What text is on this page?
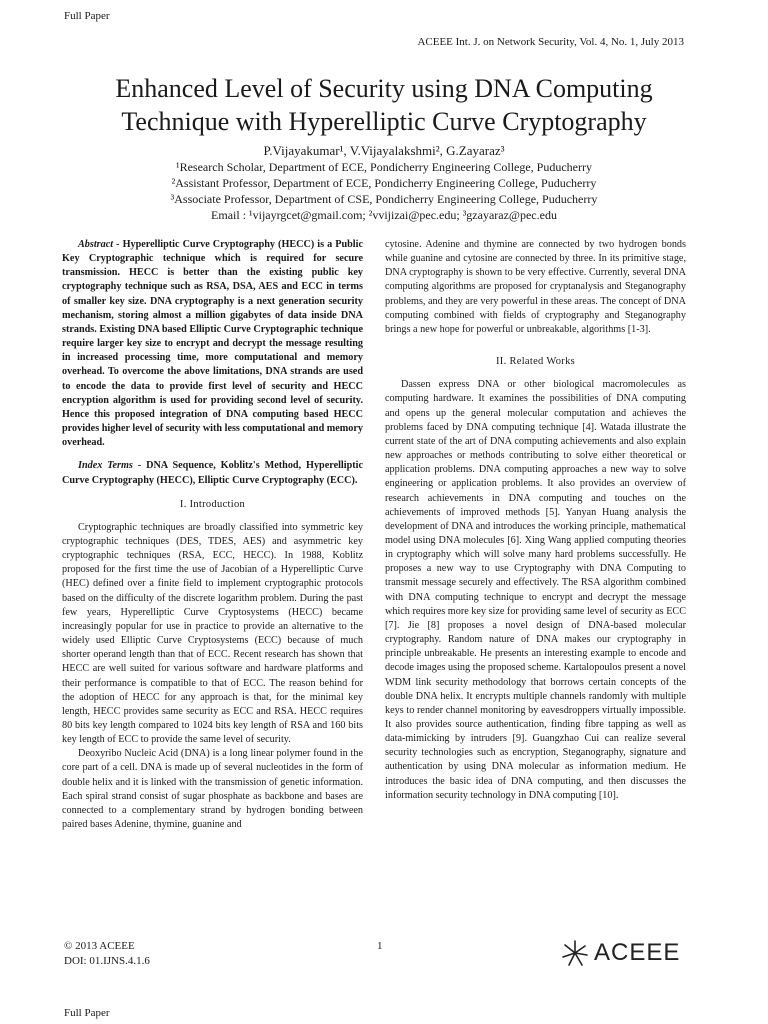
Full Paper
ACEEE Int. J. on Network Security, Vol. 4, No. 1, July 2013
Enhanced Level of Security using DNA Computing
Technique with Hyperelliptic Curve Cryptography
P.Vijayakumar¹, V.Vijayalakshmi², G.Zayaraz³
¹Research Scholar, Department of ECE, Pondicherry Engineering College, Puducherry
²Assistant Professor, Department of ECE, Pondicherry Engineering College, Puducherry
³Associate Professor, Department of CSE, Pondicherry Engineering College, Puducherry
Email : ¹vijayrgcet@gmail.com; ²vvijizai@pec.edu; ³gzayaraz@pec.edu

Abstract - Hyperelliptic Curve Cryptography (HECC) is a Public Key Cryptographic technique which is required for secure transmission. HECC is better than the existing public key cryptography technique such as RSA, DSA, AES and ECC in terms of smaller key size. DNA cryptography is a next generation security mechanism, storing almost a million gigabytes of data inside DNA strands. Existing DNA based Elliptic Curve Cryptographic technique require larger key size to encrypt and decrypt the message resulting in increased processing time, more computational and memory overhead. To overcome the above limitations, DNA strands are used to encode the data to provide first level of security and HECC encryption algorithm is used for providing second level of security. Hence this proposed integration of DNA computing based HECC provides higher level of security with less computational and memory overhead.

Index Terms - DNA Sequence, Koblitz's Method, Hyperelliptic Curve Cryptography (HECC), Elliptic Curve Cryptography (ECC).

I. Introduction

Cryptographic techniques are broadly classified into symmetric key cryptographic techniques (DES, TDES, AES) and asymmetric key cryptographic techniques (RSA, ECC, HECC). In 1988, Koblitz proposed for the first time the use of Jacobian of a Hyperelliptic Curve (HEC) defined over a finite field to implement cryptographic protocols based on the difficulty of the discrete logarithm problem. During the past few years, Hyperelliptic Curve Cryptosystems (HECC) became increasingly popular for use in practice to provide an alternative to the widely used Elliptic Curve Cryptosystems (ECC) because of much shorter operand length than that of ECC. Recent research has shown that HECC are well suited for various software and hardware platforms and their performance is compatible to that of ECC. The reason behind for the adoption of HECC for any approach is that, for the minimal key length, HECC provides same security as ECC and RSA. HECC requires 80 bits key length compared to 1024 bits key length of RSA and 160 bits key length of ECC to provide the same level of security.

Deoxyribo Nucleic Acid (DNA) is a long linear polymer found in the core part of a cell. DNA is made up of several nucleotides in the form of double helix and it is linked with the transmission of genetic information. Each spiral strand consist of sugar phosphate as backbone and bases are connected to a complementary strand by hydrogen bonding between paired bases Adenine, thymine, guanine and

cytosine. Adenine and thymine are connected by two hydrogen bonds while guanine and cytosine are connected by three. In its primitive stage, DNA cryptography is shown to be very effective. Currently, several DNA computing algorithms are proposed for cryptanalysis and Steganography problems, and they are very powerful in these areas. The concept of DNA computing combined with fields of cryptography and Steganography brings a new hope for powerful or unbreakable, algorithms [1-3].

II. Related Works

Dassen express DNA or other biological macromolecules as computing hardware. It examines the possibilities of DNA computing and opens up the general molecular computation and achieves the problems faced by DNA computing technique [4]. Watada illustrate the current state of the art of DNA computing achievements and also explain new approaches or methods contributing to solve either theoretical or application problems. DNA computing approaches a new way to solve engineering or application problems. It also provides an overview of research achievements in DNA computing and touches on the achievements of improved methods [5]. Yanyan Huang analysis the development of DNA and introduces the working principle, mathematical model using DNA molecules [6]. Xing Wang applied computing theories in cryptography which will solve many hard problems successfully. He proposes a new way to use Cryptography with DNA Computing to transmit message securely and effectively. The RSA algorithm combined with DNA computing technique to encrypt and decrypt the message which requires more key size for providing same level of security as ECC [7]. Jie [8] proposes a novel design of DNA-based molecular cryptography. Random nature of DNA makes our cryptography in principle unbreakable. He presents an interesting example to encode and decode images using the proposed scheme. Kartalopoulos present a novel WDM link security methodology that borrows certain concepts of the double DNA helix. It encrypts multiple channels randomly with multiple keys to render channel monitoring by eavesdroppers virtually impossible. It also provides source authentication, finding fibre tapping as well as data-mimicking by intruders [9]. Guangzhao Cui can realize several security technologies such as encryption, Steganography, signature and authentication by using DNA molecular as information medium. He introduces the basic idea of DNA computing, and then discusses the information security technology in DNA computing [10].

© 2013 ACEEE
DOI: 01.IJNS.4.1.6
1	ACEEE
Full Paper
